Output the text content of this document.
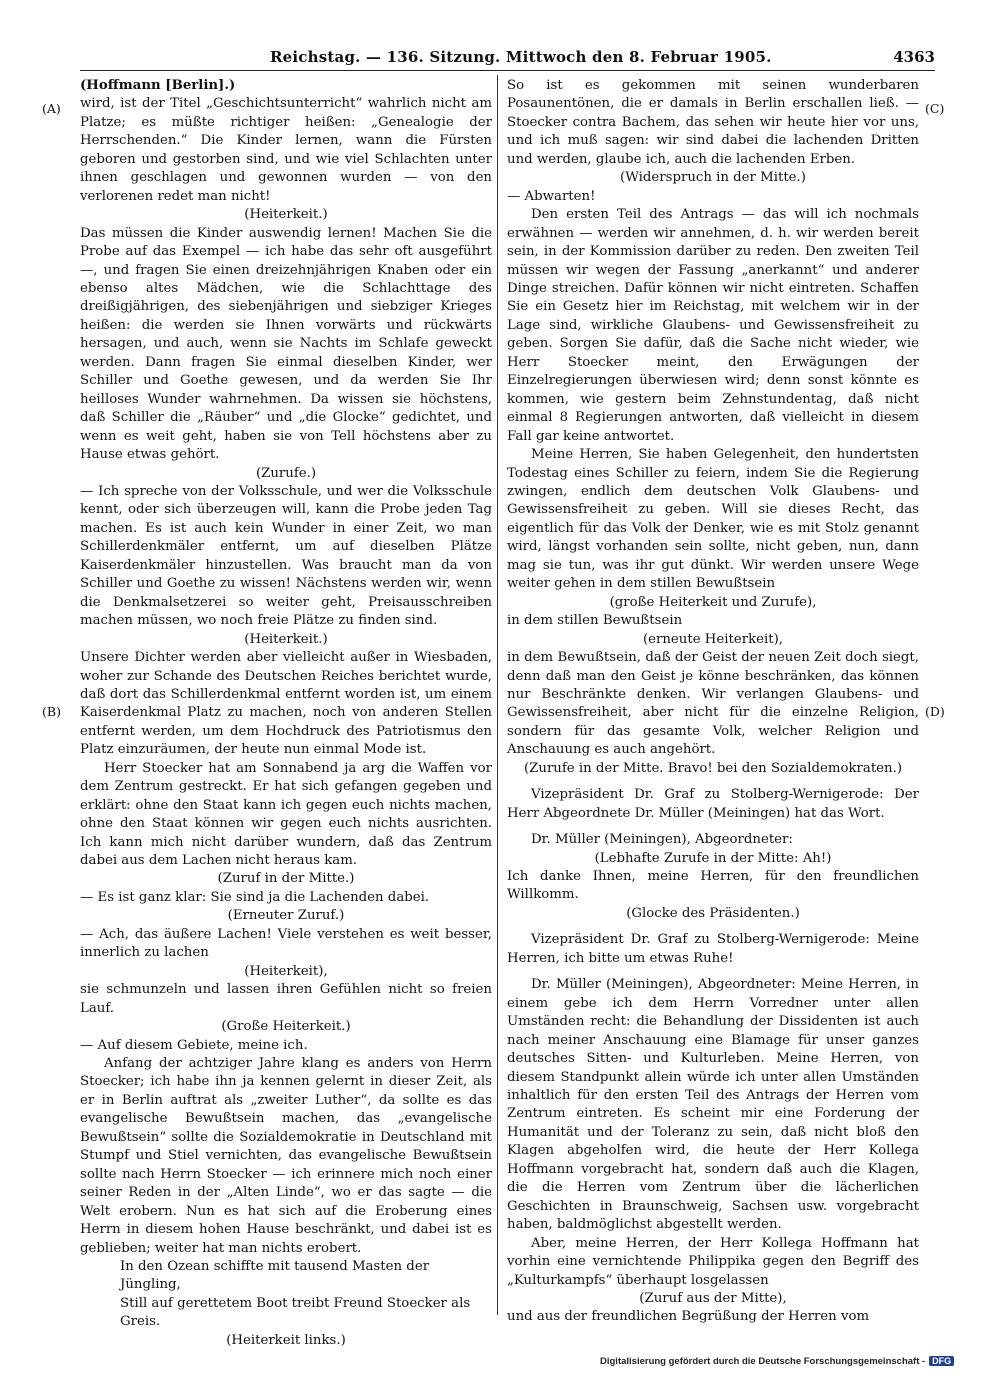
Reichstag. — 136. Sitzung. Mittwoch den 8. Februar 1905.	4363
(A)
(B)
(C)
(D)

(Hoffmann [Berlin].)

wird, ist der Titel „Geschichtsunterricht“ wahrlich nicht am Platze; es müßte richtiger heißen: „Genealogie der Herrschenden.“ Die Kinder lernen, wann die Fürsten geboren und gestorben sind, und wie viel Schlachten unter ihnen geschlagen und gewonnen wurden — von den verlorenen redet man nicht!

(Heiterkeit.)

Das müssen die Kinder auswendig lernen! Machen Sie die Probe auf das Exempel — ich habe das sehr oft ausgeführt —, und fragen Sie einen dreizehnjährigen Knaben oder ein ebenso altes Mädchen, wie die Schlachttage des dreißigjährigen, des siebenjährigen und siebziger Krieges heißen: die werden sie Ihnen vorwärts und rückwärts hersagen, und auch, wenn sie Nachts im Schlafe geweckt werden. Dann fragen Sie einmal dieselben Kinder, wer Schiller und Goethe gewesen, und da werden Sie Ihr heilloses Wunder wahrnehmen. Da wissen sie höchstens, daß Schiller die „Räuber“ und „die Glocke“ gedichtet, und wenn es weit geht, haben sie von Tell höchstens aber zu Hause etwas gehört.

(Zurufe.)

— Ich spreche von der Volksschule, und wer die Volksschule kennt, oder sich überzeugen will, kann die Probe jeden Tag machen. Es ist auch kein Wunder in einer Zeit, wo man Schillerdenkmäler entfernt, um auf dieselben Plätze Kaiserdenkmäler hinzustellen. Was braucht man da von Schiller und Goethe zu wissen! Nächstens werden wir, wenn die Denkmalsetzerei so weiter geht, Preisausschreiben machen müssen, wo noch freie Plätze zu finden sind.

(Heiterkeit.)

Unsere Dichter werden aber vielleicht außer in Wiesbaden, woher zur Schande des Deutschen Reiches berichtet wurde, daß dort das Schillerdenkmal entfernt worden ist, um einem Kaiserdenkmal Platz zu machen, noch von anderen Stellen entfernt werden, um dem Hochdruck des Patriotismus den Platz einzuräumen, der heute nun einmal Mode ist.

Herr Stoecker hat am Sonnabend ja arg die Waffen vor dem Zentrum gestreckt. Er hat sich gefangen gegeben und erklärt: ohne den Staat kann ich gegen euch nichts machen, ohne den Staat können wir gegen euch nichts ausrichten. Ich kann mich nicht darüber wundern, daß das Zentrum dabei aus dem Lachen nicht heraus kam.

(Zuruf in der Mitte.)

— Es ist ganz klar: Sie sind ja die Lachenden dabei.

(Erneuter Zuruf.)

— Ach, das äußere Lachen! Viele verstehen es weit besser, innerlich zu lachen

(Heiterkeit),

sie schmunzeln und lassen ihren Gefühlen nicht so freien Lauf.

(Große Heiterkeit.)

— Auf diesem Gebiete, meine ich.

Anfang der achtziger Jahre klang es anders von Herrn Stoecker; ich habe ihn ja kennen gelernt in dieser Zeit, als er in Berlin auftrat als „zweiter Luther“, da sollte es das evangelische Bewußtsein machen, das „evangelische Bewußtsein“ sollte die Sozialdemokratie in Deutschland mit Stumpf und Stiel vernichten, das evangelische Bewußtsein sollte nach Herrn Stoecker — ich erinnere mich noch einer seiner Reden in der „Alten Linde“, wo er das sagte — die Welt erobern. Nun es hat sich auf die Eroberung eines Herrn in diesem hohen Hause beschränkt, und dabei ist es geblieben; weiter hat man nichts erobert.

In den Ozean schiffte mit tausend Masten der Jüngling,

Still auf gerettetem Boot treibt Freund Stoecker als Greis.

(Heiterkeit links.)

So ist es gekommen mit seinen wunderbaren Posaunentönen, die er damals in Berlin erschallen ließ. — Stoecker contra Bachem, das sehen wir heute hier vor uns, und ich muß sagen: wir sind dabei die lachenden Dritten und werden, glaube ich, auch die lachenden Erben.

(Widerspruch in der Mitte.)

— Abwarten!

Den ersten Teil des Antrags — das will ich nochmals erwähnen — werden wir annehmen, d. h. wir werden bereit sein, in der Kommission darüber zu reden. Den zweiten Teil müssen wir wegen der Fassung „anerkannt“ und anderer Dinge streichen. Dafür können wir nicht eintreten. Schaffen Sie ein Gesetz hier im Reichstag, mit welchem wir in der Lage sind, wirkliche Glaubens- und Gewissensfreiheit zu geben. Sorgen Sie dafür, daß die Sache nicht wieder, wie Herr Stoecker meint, den Erwägungen der Einzelregierungen überwiesen wird; denn sonst könnte es kommen, wie gestern beim Zehnstundentag, daß nicht einmal 8 Regierungen antworten, daß vielleicht in diesem Fall gar keine antwortet.

Meine Herren, Sie haben Gelegenheit, den hundertsten Todestag eines Schiller zu feiern, indem Sie die Regierung zwingen, endlich dem deutschen Volk Glaubens- und Gewissensfreiheit zu geben. Will sie dieses Recht, das eigentlich für das Volk der Denker, wie es mit Stolz genannt wird, längst vorhanden sein sollte, nicht geben, nun, dann mag sie tun, was ihr gut dünkt. Wir werden unsere Wege weiter gehen in dem stillen Bewußtsein

(große Heiterkeit und Zurufe),

in dem stillen Bewußtsein

(erneute Heiterkeit),

in dem Bewußtsein, daß der Geist der neuen Zeit doch siegt, denn daß man den Geist je könne beschränken, das können nur Beschränkte denken. Wir verlangen Glaubens- und Gewissensfreiheit, aber nicht für die einzelne Religion, sondern für das gesamte Volk, welcher Religion und Anschauung es auch angehört.

(Zurufe in der Mitte. Bravo! bei den Sozialdemokraten.)

Vizepräsident Dr. Graf zu Stolberg-Wernigerode: Der Herr Abgeordnete Dr. Müller (Meiningen) hat das Wort.

Dr. Müller (Meiningen), Abgeordneter:

(Lebhafte Zurufe in der Mitte: Ah!)

Ich danke Ihnen, meine Herren, für den freundlichen Willkomm.

(Glocke des Präsidenten.)

Vizepräsident Dr. Graf zu Stolberg-Wernigerode: Meine Herren, ich bitte um etwas Ruhe!

Dr. Müller (Meiningen), Abgeordneter: Meine Herren, in einem gebe ich dem Herrn Vorredner unter allen Umständen recht: die Behandlung der Dissidenten ist auch nach meiner Anschauung eine Blamage für unser ganzes deutsches Sitten- und Kulturleben. Meine Herren, von diesem Standpunkt allein würde ich unter allen Umständen inhaltlich für den ersten Teil des Antrags der Herren vom Zentrum eintreten. Es scheint mir eine Forderung der Humanität und der Toleranz zu sein, daß nicht bloß den Klagen abgeholfen wird, die heute der Herr Kollega Hoffmann vorgebracht hat, sondern daß auch die Klagen, die die Herren vom Zentrum über die lächerlichen Geschichten in Braunschweig, Sachsen usw. vorgebracht haben, baldmöglichst abgestellt werden.

Aber, meine Herren, der Herr Kollega Hoffmann hat vorhin eine vernichtende Philippika gegen den Begriff des „Kulturkampfs“ überhaupt losgelassen

(Zuruf aus der Mitte),

und aus der freundlichen Begrüßung der Herren vom

Digitalisierung gefördert durch die Deutsche Forschungsgemeinschaft - DFG
